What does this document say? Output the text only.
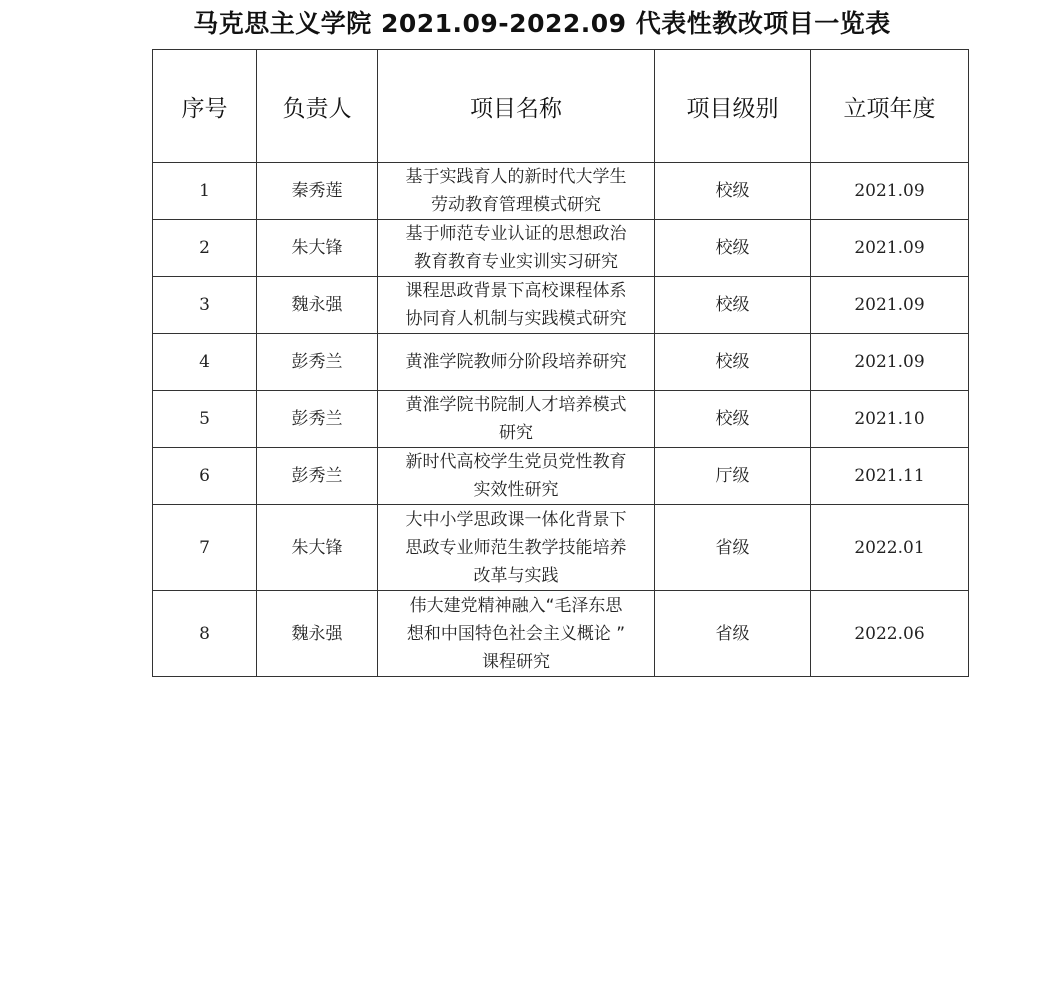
马克思主义学院 2021.09-2022.09 代表性教改项目一览表
序号	负责人	项目名称	项目级别	立项年度
1	秦秀莲	基于实践育人的新时代大学生
劳动教育管理模式研究	校级	2021.09
2	朱大锋	基于师范专业认证的思想政治
教育教育专业实训实习研究	校级	2021.09
3	魏永强	课程思政背景下高校课程体系
协同育人机制与实践模式研究	校级	2021.09
4	彭秀兰	黄淮学院教师分阶段培养研究	校级	2021.09
5	彭秀兰	黄淮学院书院制人才培养模式
研究	校级	2021.10
6	彭秀兰	新时代高校学生党员党性教育
实效性研究	厅级	2021.11
7	朱大锋	大中小学思政课一体化背景下
思政专业师范生教学技能培养
改革与实践	省级	2022.01
8	魏永强	伟大建党精神融入“毛泽东思
想和中国特色社会主义概论 ”
课程研究	省级	2022.06
